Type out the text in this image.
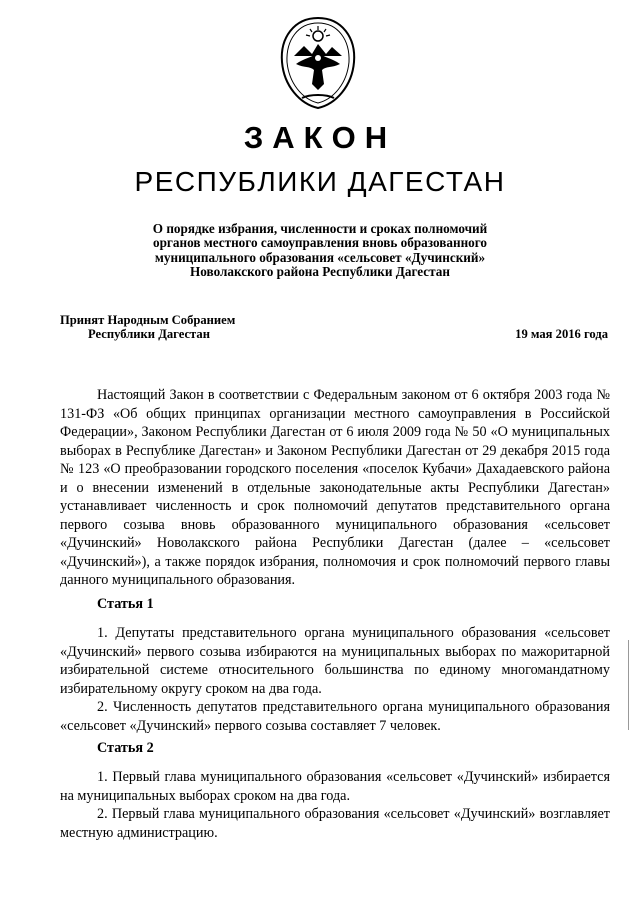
ЗАКОН
РЕСПУБЛИКИ ДАГЕСТАН
О порядке избрания, численности и сроках полномочий
органов местного самоуправления вновь образованного
муниципального образования «сельсовет «Дучинский»
Новолакского района Республики Дагестан
Принят Народным Собранием
Республики Дагестан	19 мая 2016 года

Настоящий Закон в соответствии с Федеральным законом от 6 октября 2003 года № 131-ФЗ «Об общих принципах организации местного самоуправления в Российской Федерации», Законом Республики Дагестан от 6 июля 2009 года № 50 «О муниципальных выборах в Республике Дагестан» и Законом Республики Дагестан от 29 декабря 2015 года № 123 «О преобразовании городского поселения «поселок Кубачи» Дахадаевского района и о внесении изменений в отдельные законодательные акты Республики Дагестан» устанавливает численность и срок полномочий депутатов представительного органа первого созыва вновь образованного муниципального образования «сельсовет «Дучинский» Новолакского района Республики Дагестан (далее – «сельсовет «Дучинский»), а также порядок избрания, полномочия и срок полномочий первого главы данного муниципального образования.

Статья 1

1. Депутаты представительного органа муниципального образования «сельсовет «Дучинский» первого созыва избираются на муниципальных выборах по мажоритарной избирательной системе относительного большинства по единому многомандатному избирательному округу сроком на два года.

2. Численность депутатов представительного органа муниципального образования «сельсовет «Дучинский» первого созыва составляет 7 человек.

Статья 2

1. Первый глава муниципального образования «сельсовет «Дучинский» избирается на муниципальных выборах сроком на два года.

2. Первый глава муниципального образования «сельсовет «Дучинский» возглавляет местную администрацию.
